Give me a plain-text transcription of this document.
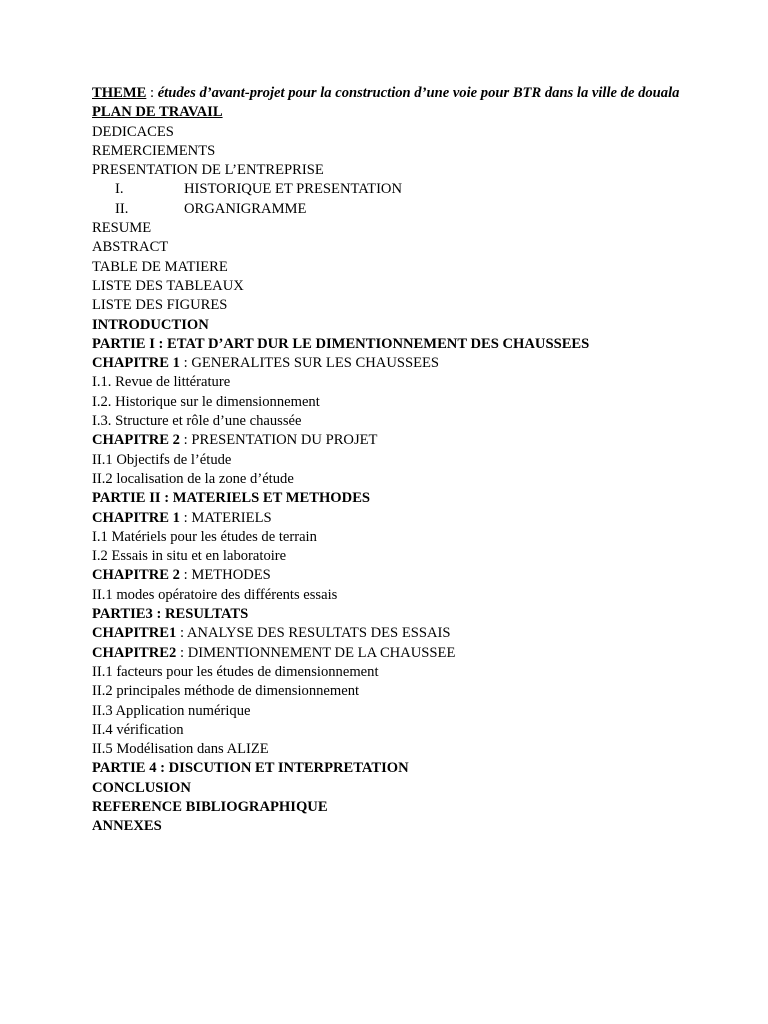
THEME : études d’avant-projet pour la construction d’une voie pour BTR dans la ville de douala
PLAN DE TRAVAIL
DEDICACES
REMERCIEMENTS
PRESENTATION DE L’ENTREPRISE
I.	HISTORIQUE ET PRESENTATION
II.	ORGANIGRAMME
RESUME
ABSTRACT
TABLE DE MATIERE
LISTE DES TABLEAUX
LISTE DES FIGURES
INTRODUCTION
PARTIE I : ETAT D’ART DUR LE DIMENTIONNEMENT DES CHAUSSEES
CHAPITRE 1 : GENERALITES SUR LES CHAUSSEES
I.1. Revue de littérature
I.2. Historique sur le dimensionnement
I.3. Structure et rôle d’une chaussée
CHAPITRE 2 : PRESENTATION DU PROJET
II.1 Objectifs de l’étude
II.2 localisation de la zone d’étude
PARTIE II : MATERIELS ET METHODES
CHAPITRE 1 : MATERIELS
I.1 Matériels pour les études de terrain
I.2 Essais in situ et en laboratoire
CHAPITRE 2 : METHODES
II.1 modes opératoire des différents essais
PARTIE3 : RESULTATS
CHAPITRE1 : ANALYSE DES RESULTATS DES ESSAIS
CHAPITRE2 : DIMENTIONNEMENT DE LA CHAUSSEE
II.1 facteurs pour les études de dimensionnement
II.2 principales méthode de dimensionnement
II.3 Application numérique
II.4 vérification
II.5 Modélisation dans ALIZE
PARTIE 4 : DISCUTION ET INTERPRETATION
CONCLUSION
REFERENCE BIBLIOGRAPHIQUE
ANNEXES
